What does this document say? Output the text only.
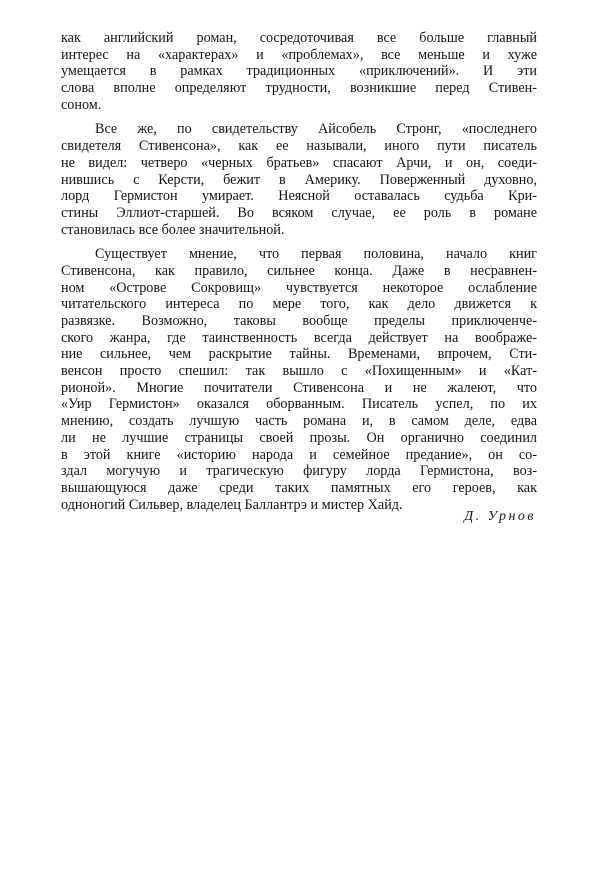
как английский роман, сосредоточивая все больше главный
интерес на «характерах» и «проблемах», все меньше и хуже
умещается в рамках традиционных «приключений». И эти
слова вполне определяют трудности, возникшие перед Стивен-
соном.
Все же, по свидетельству Айсобель Стронг, «последнего
свидетеля Стивенсона», как ее называли, иного пути писатель
не видел: четверо «черных братьев» спасают Арчи, и он, соеди-
нившись с Керсти, бежит в Америку. Поверженный духовно,
лорд Гермистон умирает. Неясной оставалась судьба Кри-
стины Эллиот-старшей. Во всяком случае, ее роль в романе
становилась все более значительной.
Существует мнение, что первая половина, начало книг
Стивенсона, как правило, сильнее конца. Даже в несравнен-
ном «Острове Сокровищ» чувствуется некоторое ослабление
читательского интереса по мере того, как дело движется к
развязке. Возможно, таковы вообще пределы приключенче-
ского жанра, где таинственность всегда действует на воображе-
ние сильнее, чем раскрытие тайны. Временами, впрочем, Сти-
венсон просто спешил: так вышло с «Похищенным» и «Кат-
рионой». Многие почитатели Стивенсона и не жалеют, что
«Уир Гермистон» оказался оборванным. Писатель успел, по их
мнению, создать лучшую часть романа и, в самом деле, едва
ли не лучшие страницы своей прозы. Он органично соединил
в этой книге «историю народа и семейное предание», он со-
здал могучую и трагическую фигуру лорда Гермистона, воз-
вышающуюся даже среди таких памятных его героев, как
одноногий Сильвер, владелец Баллантрэ и мистер Хайд.
Д. Урнов
